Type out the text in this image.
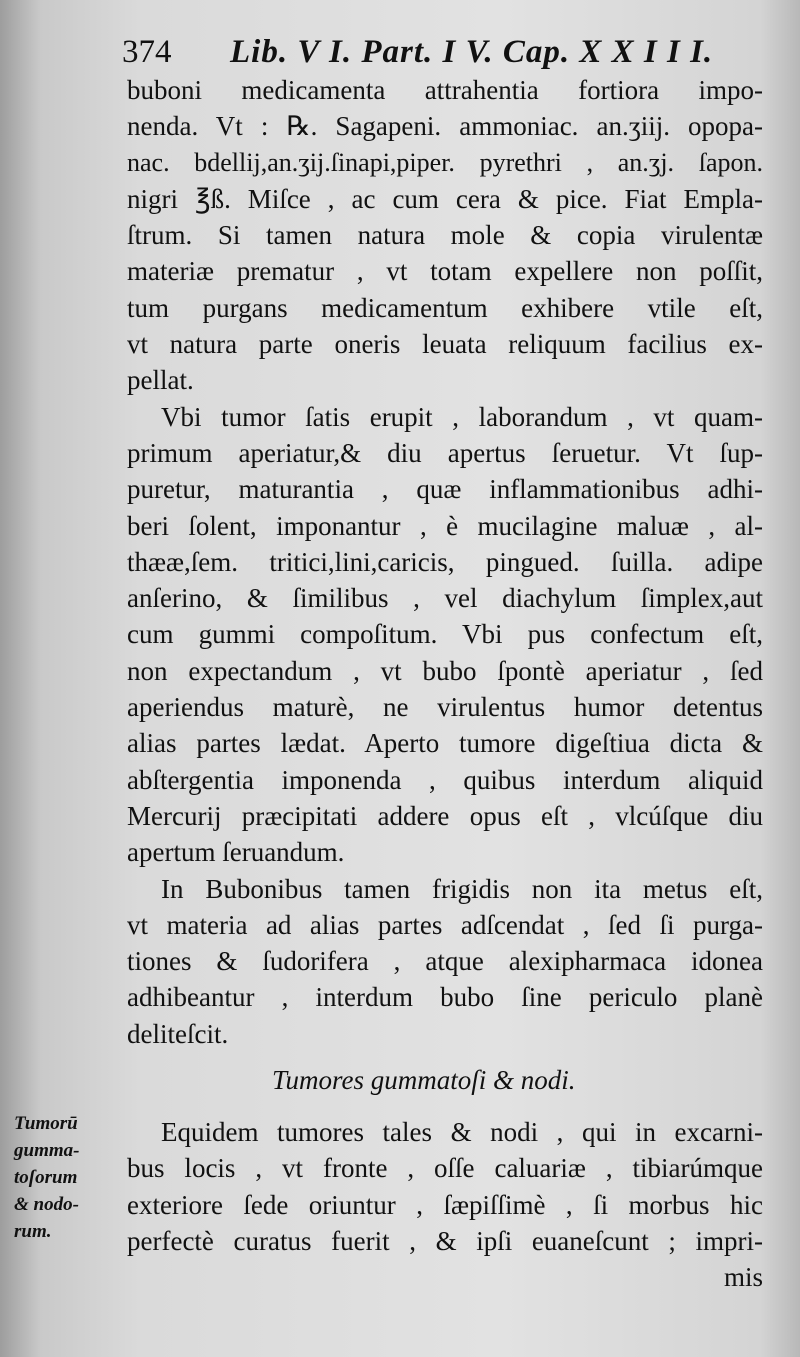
374 Lib. V I. Part. I V. Cap. X X I I I.

buboni medicamenta attrahentia fortiora impo-
nenda. Vt : ℞. Sagapeni. ammoniac. an.ʒiij. opopa-
nac. bdellij,an.ʒij.ſinapi,piper. pyrethri , an.ʒj. ſapon.
nigri ℥ß. Miſce , ac cum cera & pice. Fiat Empla-
ſtrum. Si tamen natura mole & copia virulentæ
materiæ prematur , vt totam expellere non poſſit,
tum purgans medicamentum exhibere vtile eſt,
vt natura parte oneris leuata reliquum facilius ex-
pellat.

Vbi tumor ſatis erupit , laborandum , vt quam-
primum aperiatur,& diu apertus ſeruetur. Vt ſup-
puretur, maturantia , quæ inflammationibus adhi-
beri ſolent, imponantur , è mucilagine maluæ , al-
thææ,ſem. tritici,lini,caricis, pingued. ſuilla. adipe
anſerino, & ſimilibus , vel diachylum ſimplex,aut
cum gummi compoſitum. Vbi pus confectum eſt,
non expectandum , vt bubo ſpontè aperiatur , ſed
aperiendus maturè, ne virulentus humor detentus
alias partes lædat. Aperto tumore digeſtiua dicta &
abſtergentia imponenda , quibus interdum aliquid
Mercurij præcipitati addere opus eſt , vlcúſque diu
apertum ſeruandum.

In Bubonibus tamen frigidis non ita metus eſt,
vt materia ad alias partes adſcendat , ſed ſi purga-
tiones & ſudorifera , atque alexipharmaca idonea
adhibeantur , interdum bubo ſine periculo planè
deliteſcit.

Tumores gummatoſi & nodi.
Tumorū
gumma-
toſorum
& nodo-
rum.
Equidem tumores tales & nodi , qui in excarni-
bus locis , vt fronte , oſſe caluariæ , tibiarúmque
exteriore ſede oriuntur , ſæpiſſimè , ſi morbus hic
perfectè curatus fuerit , & ipſi euaneſcunt ; impri-
mis
